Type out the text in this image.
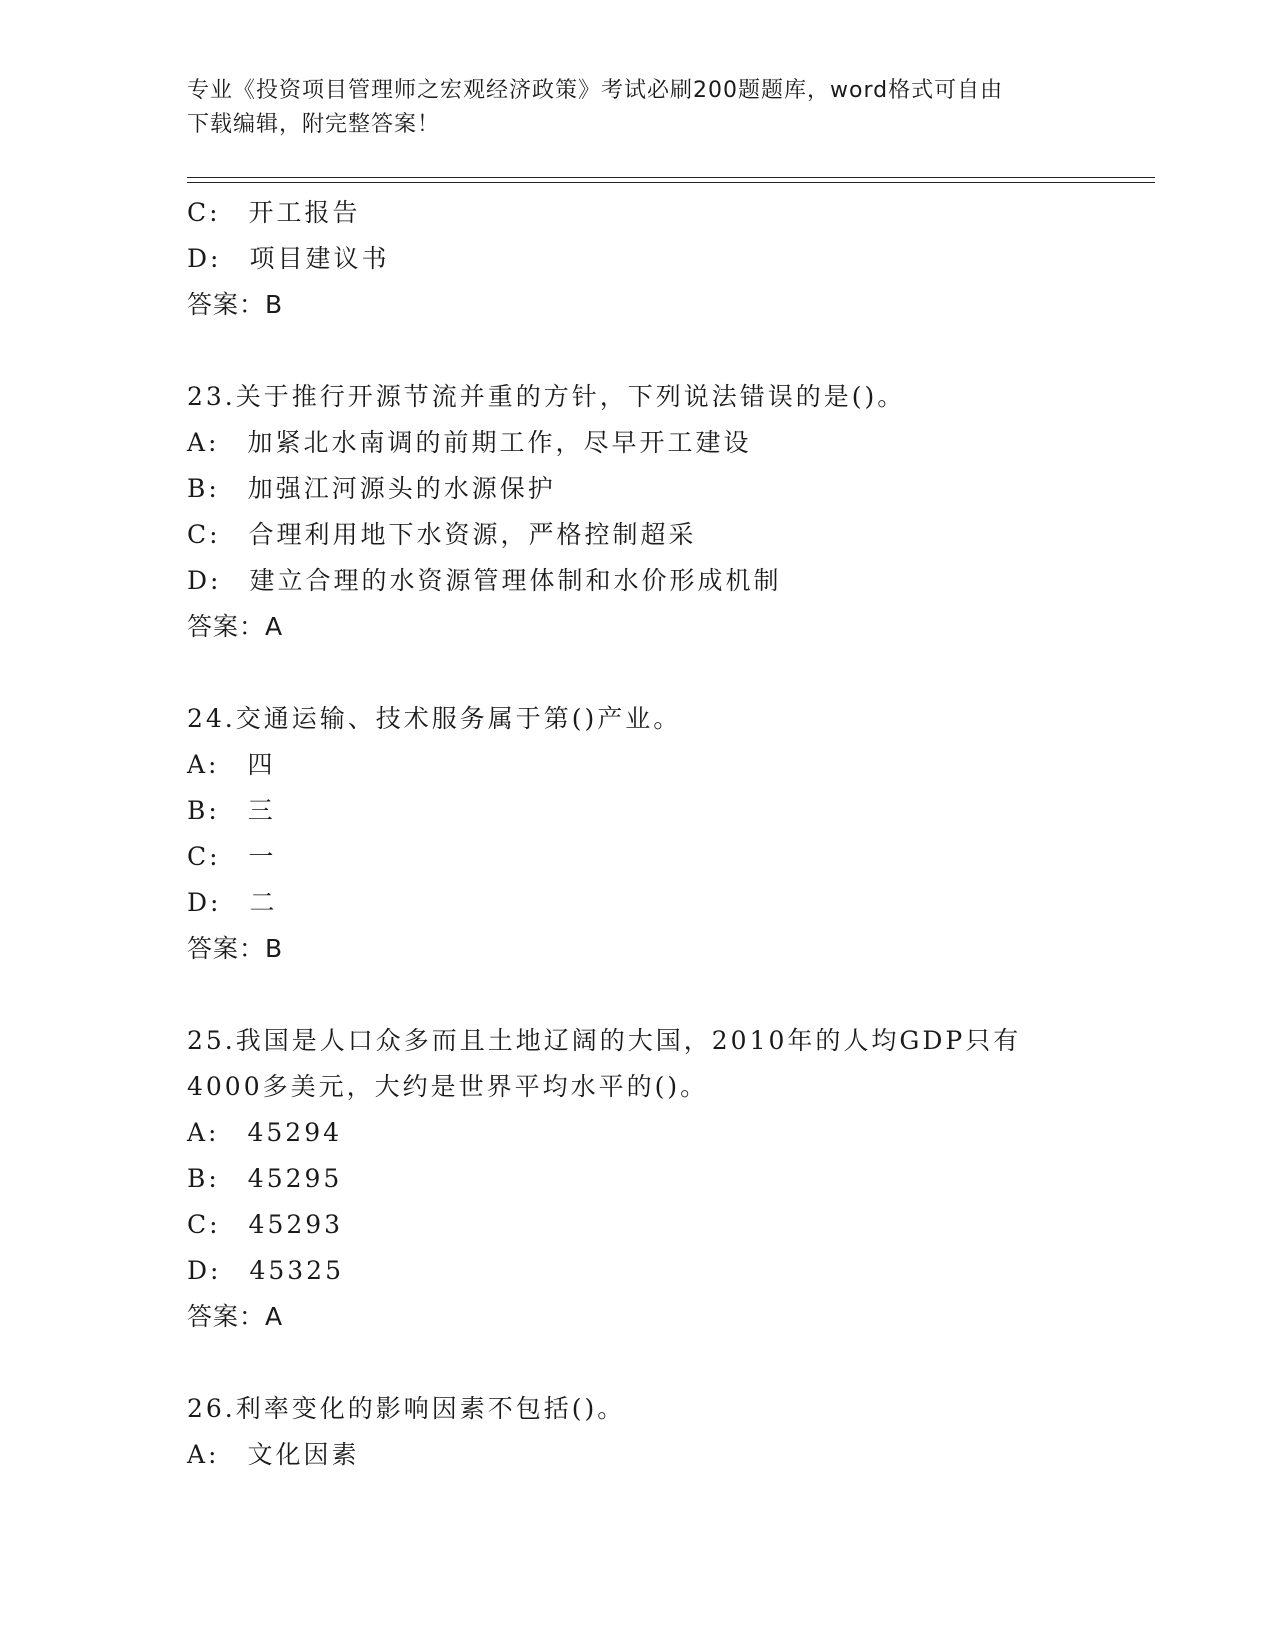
专业《投资项目管理师之宏观经济政策》考试必刷200题题库，word格式可自由
下载编辑，附完整答案！
C:　开工报告
D:　项目建议书
答案：B
23.关于推行开源节流并重的方针，下列说法错误的是()。
A:　加紧北水南调的前期工作，尽早开工建设
B:　加强江河源头的水源保护
C:　合理利用地下水资源，严格控制超采
D:　建立合理的水资源管理体制和水价形成机制
答案：A
24.交通运输、技术服务属于第()产业。
A:　四
B:　三
C:　一
D:　二
答案：B
25.我国是人口众多而且土地辽阔的大国，2010年的人均GDP只有
4000多美元，大约是世界平均水平的()。
A:　45294
B:　45295
C:　45293
D:　45325
答案：A
26.利率变化的影响因素不包括()。
A:　文化因素
